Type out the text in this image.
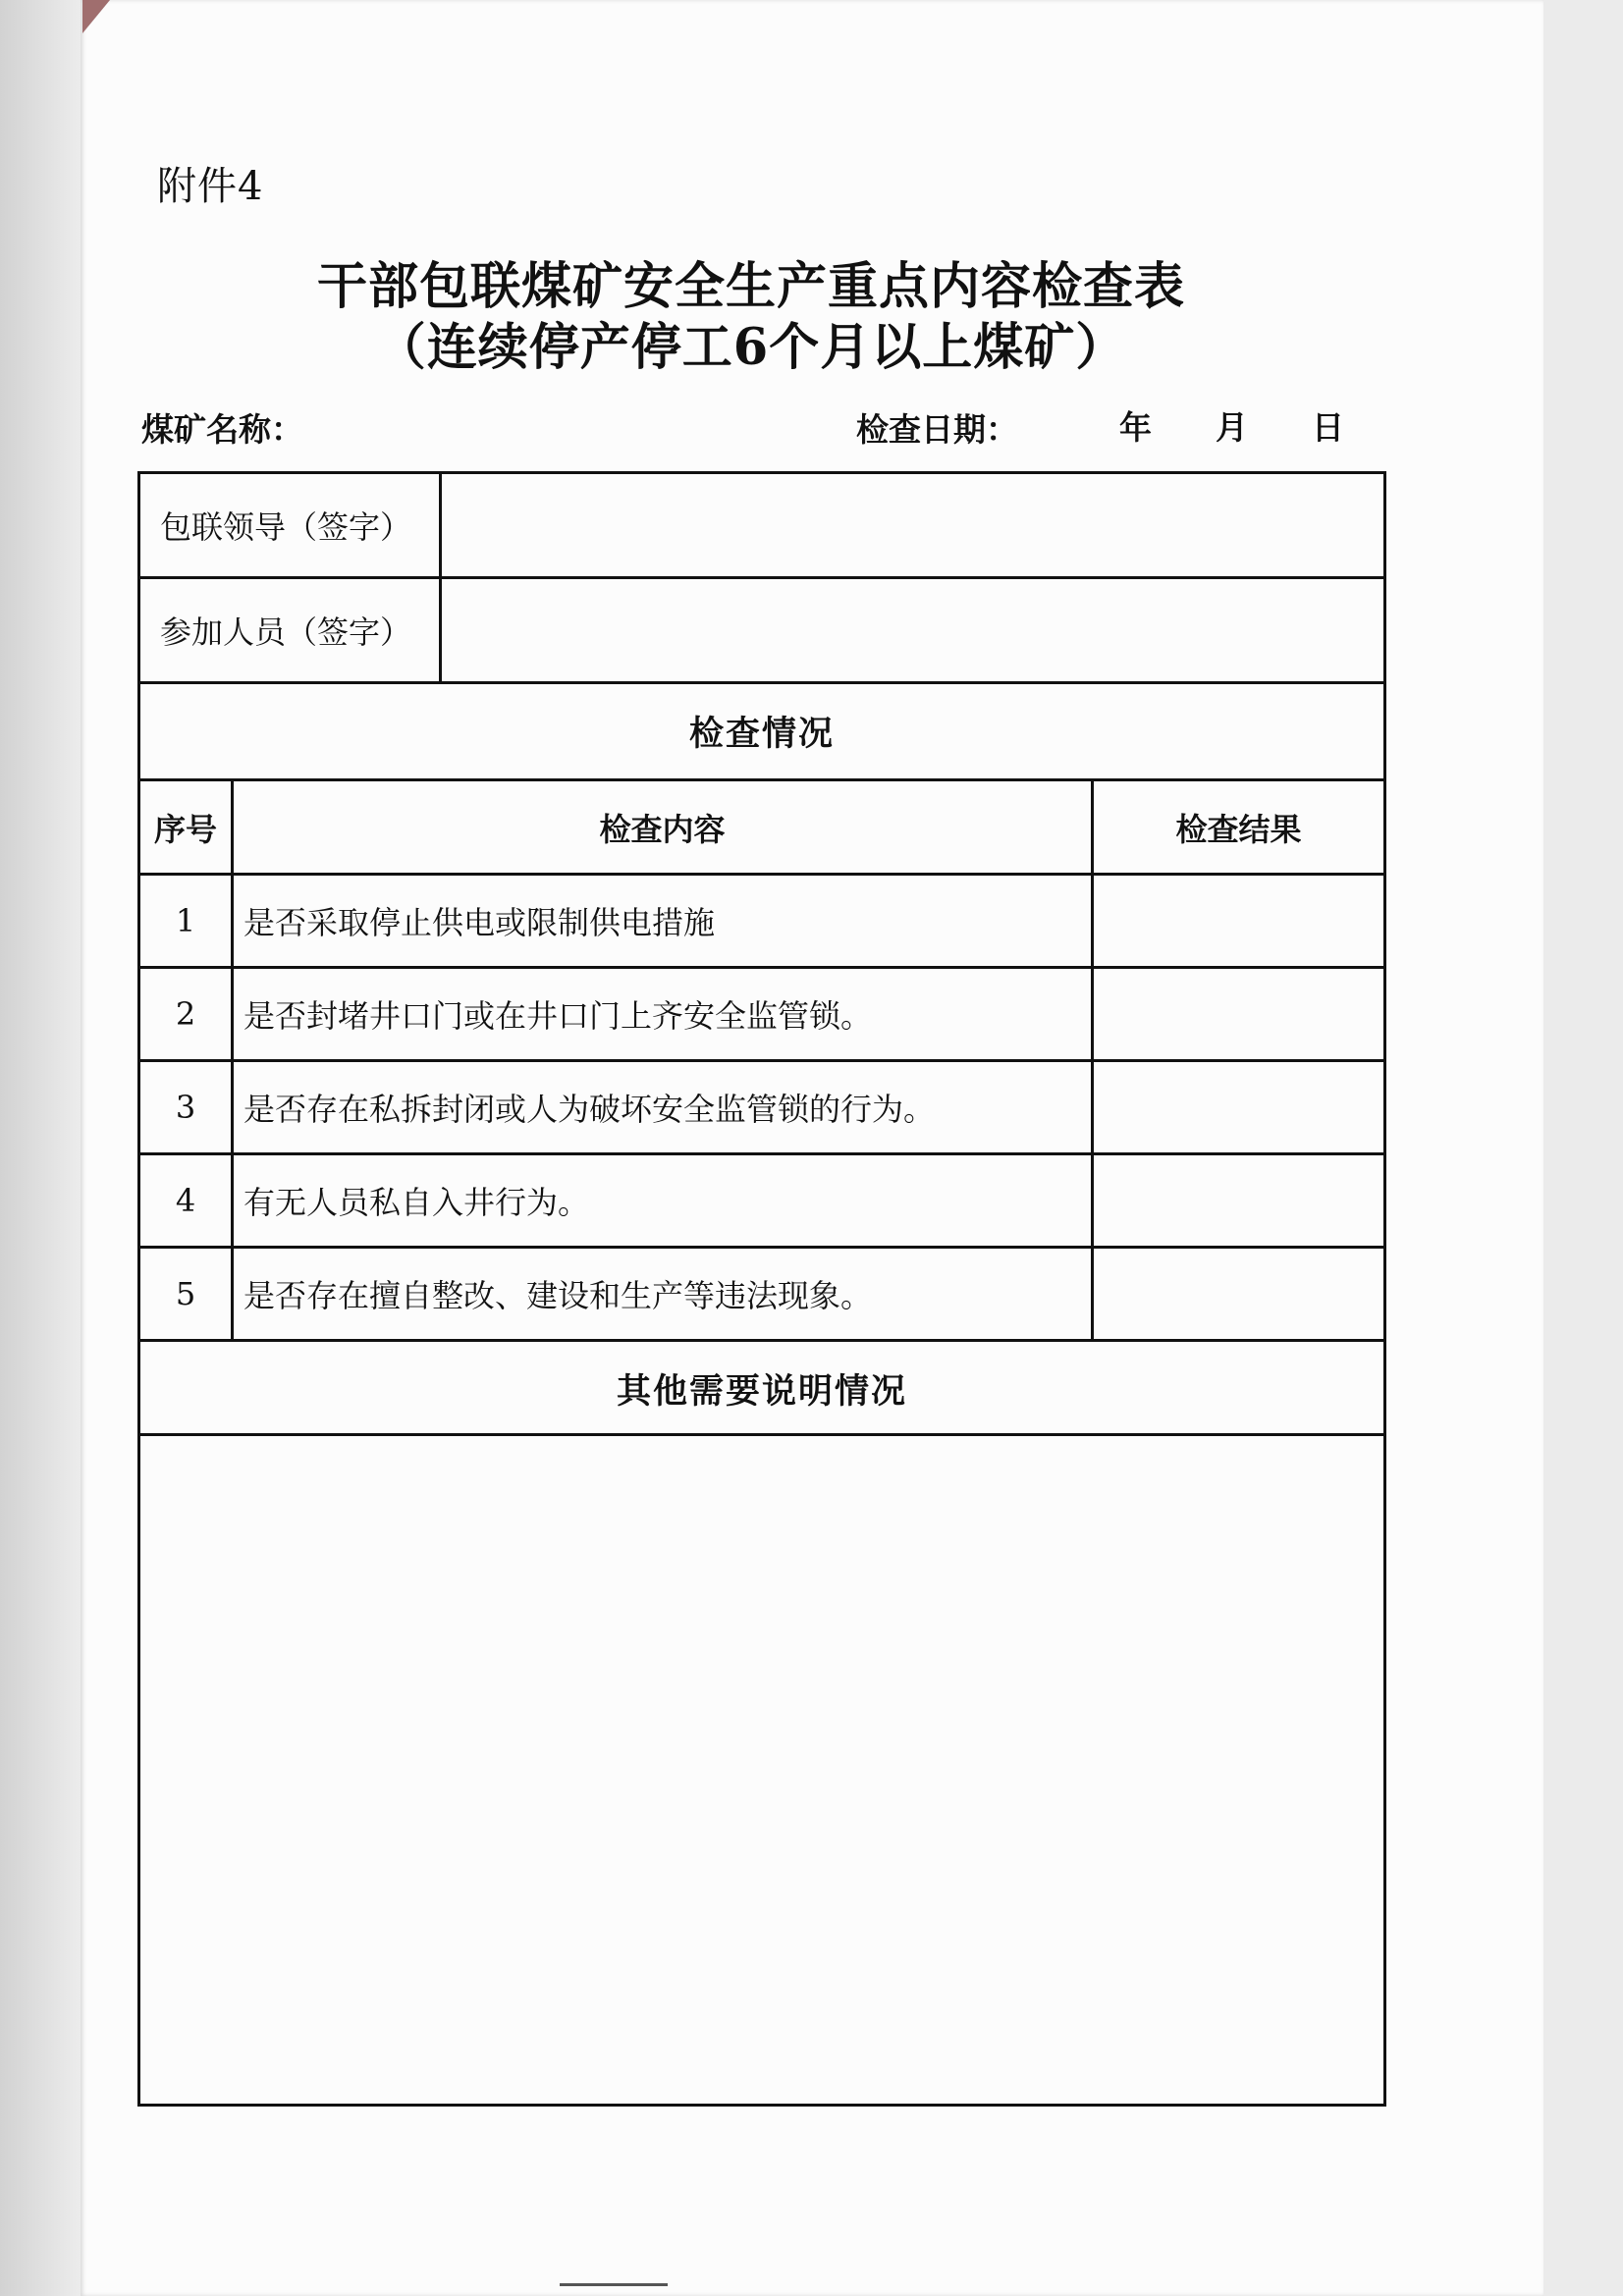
附件4
干部包联煤矿安全生产重点内容检查表
（连续停产停工6个月以上煤矿）
煤矿名称：	检查日期：	年 月 日
包联领导（签字）
参加人员（签字）
检查情况
序号	检查内容	检查结果
1	是否采取停止供电或限制供电措施
2	是否封堵井口门或在井口门上齐安全监管锁。
3	是否存在私拆封闭或人为破坏安全监管锁的行为。
4	有无人员私自入井行为。
5	是否存在擅自整改、建设和生产等违法现象。
其他需要说明情况
